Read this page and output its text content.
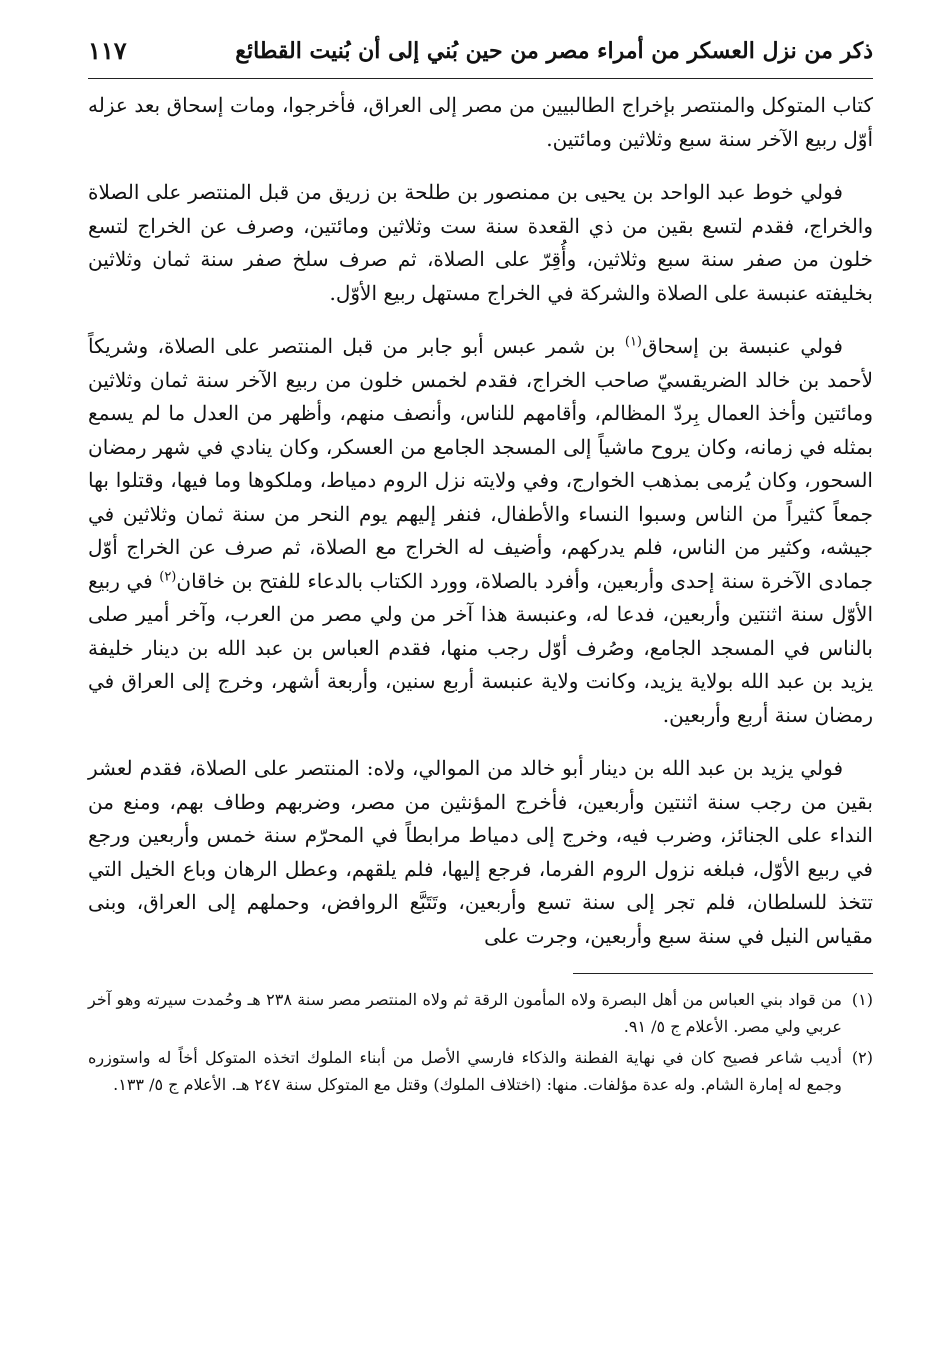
ذكر من نزل العسكر من أمراء مصر من حين بُني إلى أن بُنيت القطائع
١١٧

كتاب المتوكل والمنتصر بإخراج الطالبيين من مصر إلى العراق، فأخرجوا، ومات إسحاق بعد عزله أوّل ربيع الآخر سنة سبع وثلاثين ومائتين.

فولي خوط عبد الواحد بن يحيى بن ممنصور بن طلحة بن زريق من قبل المنتصر على الصلاة والخراج، فقدم لتسع بقين من ذي القعدة سنة ست وثلاثين ومائتين، وصرف عن الخراج لتسع خلون من صفر سنة سبع وثلاثين، وأُقِرّ على الصلاة، ثم صرف سلخ صفر سنة ثمان وثلاثين بخليفته عنبسة على الصلاة والشركة في الخراج مستهل ربيع الأوّل.

فولي عنبسة بن إسحاق$^{(١)}$ بن شمر عبس أبو جابر من قبل المنتصر على الصلاة، وشريكاً لأحمد بن خالد الضريقسيّ صاحب الخراج، فقدم لخمس خلون من ربيع الآخر سنة ثمان وثلاثين ومائتين وأخذ العمال بِردّ المظالم، وأقامهم للناس، وأنصف منهم، وأظهر من العدل ما لم يسمع بمثله في زمانه، وكان يروح ماشياً إلى المسجد الجامع من العسكر، وكان ينادي في شهر رمضان السحور، وكان يُرمى بمذهب الخوارج، وفي ولايته نزل الروم دمياط، وملكوها وما فيها، وقتلوا بها جمعاً كثيراً من الناس وسبوا النساء والأطفال، فنفر إليهم يوم النحر من سنة ثمان وثلاثين في جيشه، وكثير من الناس، فلم يدركهم، وأضيف له الخراج مع الصلاة، ثم صرف عن الخراج أوّل جمادى الآخرة سنة إحدى وأربعين، وأفرد بالصلاة، وورد الكتاب بالدعاء للفتح بن خاقان$^{(٢)}$ في ربيع الأوّل سنة اثنتين وأربعين، فدعا له، وعنبسة هذا آخر من ولي مصر من العرب، وآخر أمير صلى بالناس في المسجد الجامع، وصُرف أوّل رجب منها، فقدم العباس بن عبد الله بن دينار خليفة يزيد بن عبد الله بولاية يزيد، وكانت ولاية عنبسة أربع سنين، وأربعة أشهر، وخرج إلى العراق في رمضان سنة أربع وأربعين.

فولي يزيد بن عبد الله بن دينار أبو خالد من الموالي، ولاه: المنتصر على الصلاة، فقدم لعشر بقين من رجب سنة اثنتين وأربعين، فأخرج المؤنثين من مصر، وضربهم وطاف بهم، ومنع من النداء على الجنائز، وضرب فيه، وخرج إلى دمياط مرابطاً في المحرّم سنة خمس وأربعين ورجع في ربيع الأوّل، فبلغه نزول الروم الفرما، فرجع إليها، فلم يلقهم، وعطل الرهان وباع الخيل التي تتخذ للسلطان، فلم تجر إلى سنة تسع وأربعين، وتَتَبَّع الروافض، وحملهم إلى العراق، وبنى مقياس النيل في سنة سبع وأربعين، وجرت على

(١)
من قواد بني العباس من أهل البصرة ولاه المأمون الرقة ثم ولاه المنتصر مصر سنة ٢٣٨ هـ وحُمدت سيرته وهو آخر عربي ولي مصر. الأعلام ج ٥/ ٩١.
(٢)
أديب شاعر فصيح كان في نهاية الفطنة والذكاء فارسي الأصل من أبناء الملوك اتخذه المتوكل أخاً له واستوزره وجمع له إمارة الشام. وله عدة مؤلفات. منها: (اختلاف الملوك) وقتل مع المتوكل سنة ٢٤٧ هـ. الأعلام ج ٥/ ١٣٣.
